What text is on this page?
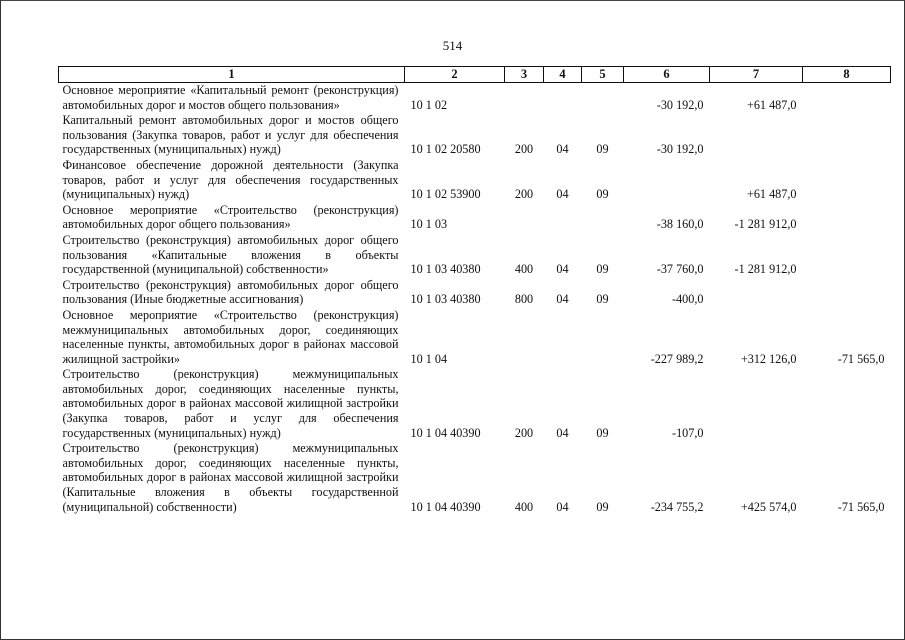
514
1	2	3	4	5	6	7	8
Основное мероприятие «Капитальный ремонт (реконструкция) автомобильных дорог и мостов общего пользования»	10 1 02				-30 192,0	+61 487,0	
Капитальный ремонт автомобильных дорог и мостов общего пользования (Закупка товаров, работ и услуг для обеспечения государственных (муниципальных) нужд)	10 1 02 20580	200	04	09	-30 192,0		
Финансовое обеспечение дорожной деятельности (Закупка товаров, работ и услуг для обеспечения государственных (муниципальных) нужд)	10 1 02 53900	200	04	09		+61 487,0	
Основное мероприятие «Строительство (реконструкция) автомобильных дорог общего пользования»	10 1 03				-38 160,0	-1 281 912,0	
Строительство (реконструкция) автомобильных дорог общего пользования «Капитальные вложения в объекты государственной (муниципальной) собственности»	10 1 03 40380	400	04	09	-37 760,0	-1 281 912,0	
Строительство (реконструкция) автомобильных дорог общего пользования (Иные бюджетные ассигнования)	10 1 03 40380	800	04	09	-400,0		
Основное мероприятие «Строительство (реконструкция) межмуниципальных автомобильных дорог, соединяющих населенные пункты, автомобильных дорог в районах массовой жилищной застройки»	10 1 04				-227 989,2	+312 126,0	-71 565,0
Строительство (реконструкция) межмуниципальных автомобильных дорог, соединяющих населенные пункты, автомобильных дорог в районах массовой жилищной застройки (Закупка товаров, работ и услуг для обеспечения государственных (муниципальных) нужд)	10 1 04 40390	200	04	09	-107,0		
Строительство (реконструкция) межмуниципальных автомобильных дорог, соединяющих населенные пункты, автомобильных дорог в районах массовой жилищной застройки (Капитальные вложения в объекты государственной (муниципальной) собственности)	10 1 04 40390	400	04	09	-234 755,2	+425 574,0	-71 565,0
